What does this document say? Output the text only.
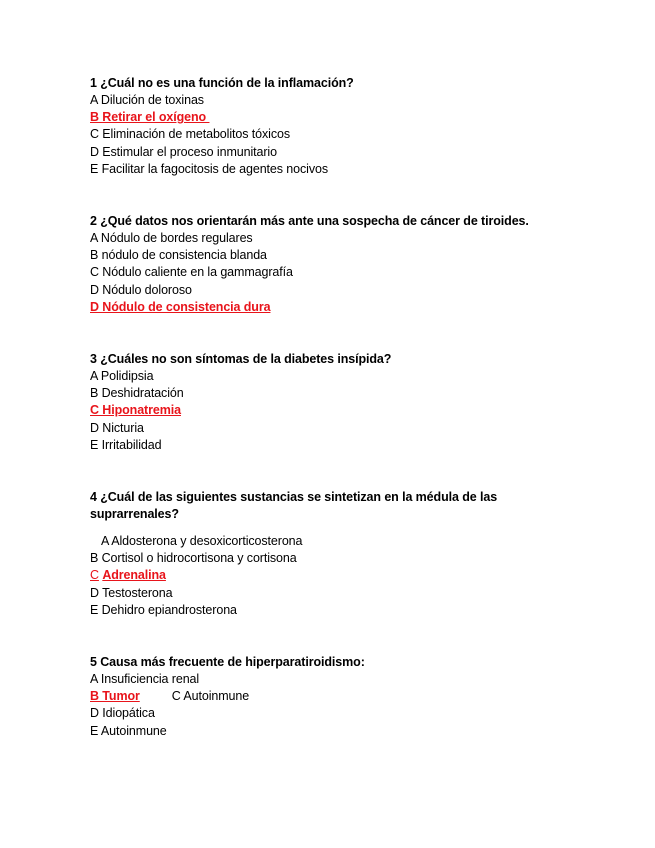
1 ¿Cuál no es una función de la inflamación?

A Dilución de toxinas

B Retirar el oxígeno

C Eliminación de metabolitos tóxicos

D Estimular el proceso inmunitario

E Facilitar la fagocitosis de agentes nocivos

2 ¿Qué datos nos orientarán más ante una sospecha de cáncer de tiroides.

A Nódulo de bordes regulares

B nódulo de consistencia blanda

C Nódulo caliente en la gammagrafía

D Nódulo doloroso

D Nódulo de consistencia dura

3 ¿Cuáles no son síntomas de la diabetes insípida?

A Polidipsia

B Deshidratación

C Hiponatremia

D Nicturia

E Irritabilidad

4 ¿Cuál de las siguientes sustancias se sintetizan en la médula de las

suprarrenales?

A Aldosterona y desoxicorticosterona

B Cortisol o hidrocortisona y cortisona

C Adrenalina

D Testosterona

E Dehidro epiandrosterona

5 Causa más frecuente de hiperparatiroidismo:

A Insuficiencia renal

B Tumor	C Autoinmune

D Idiopática

E Autoinmune
